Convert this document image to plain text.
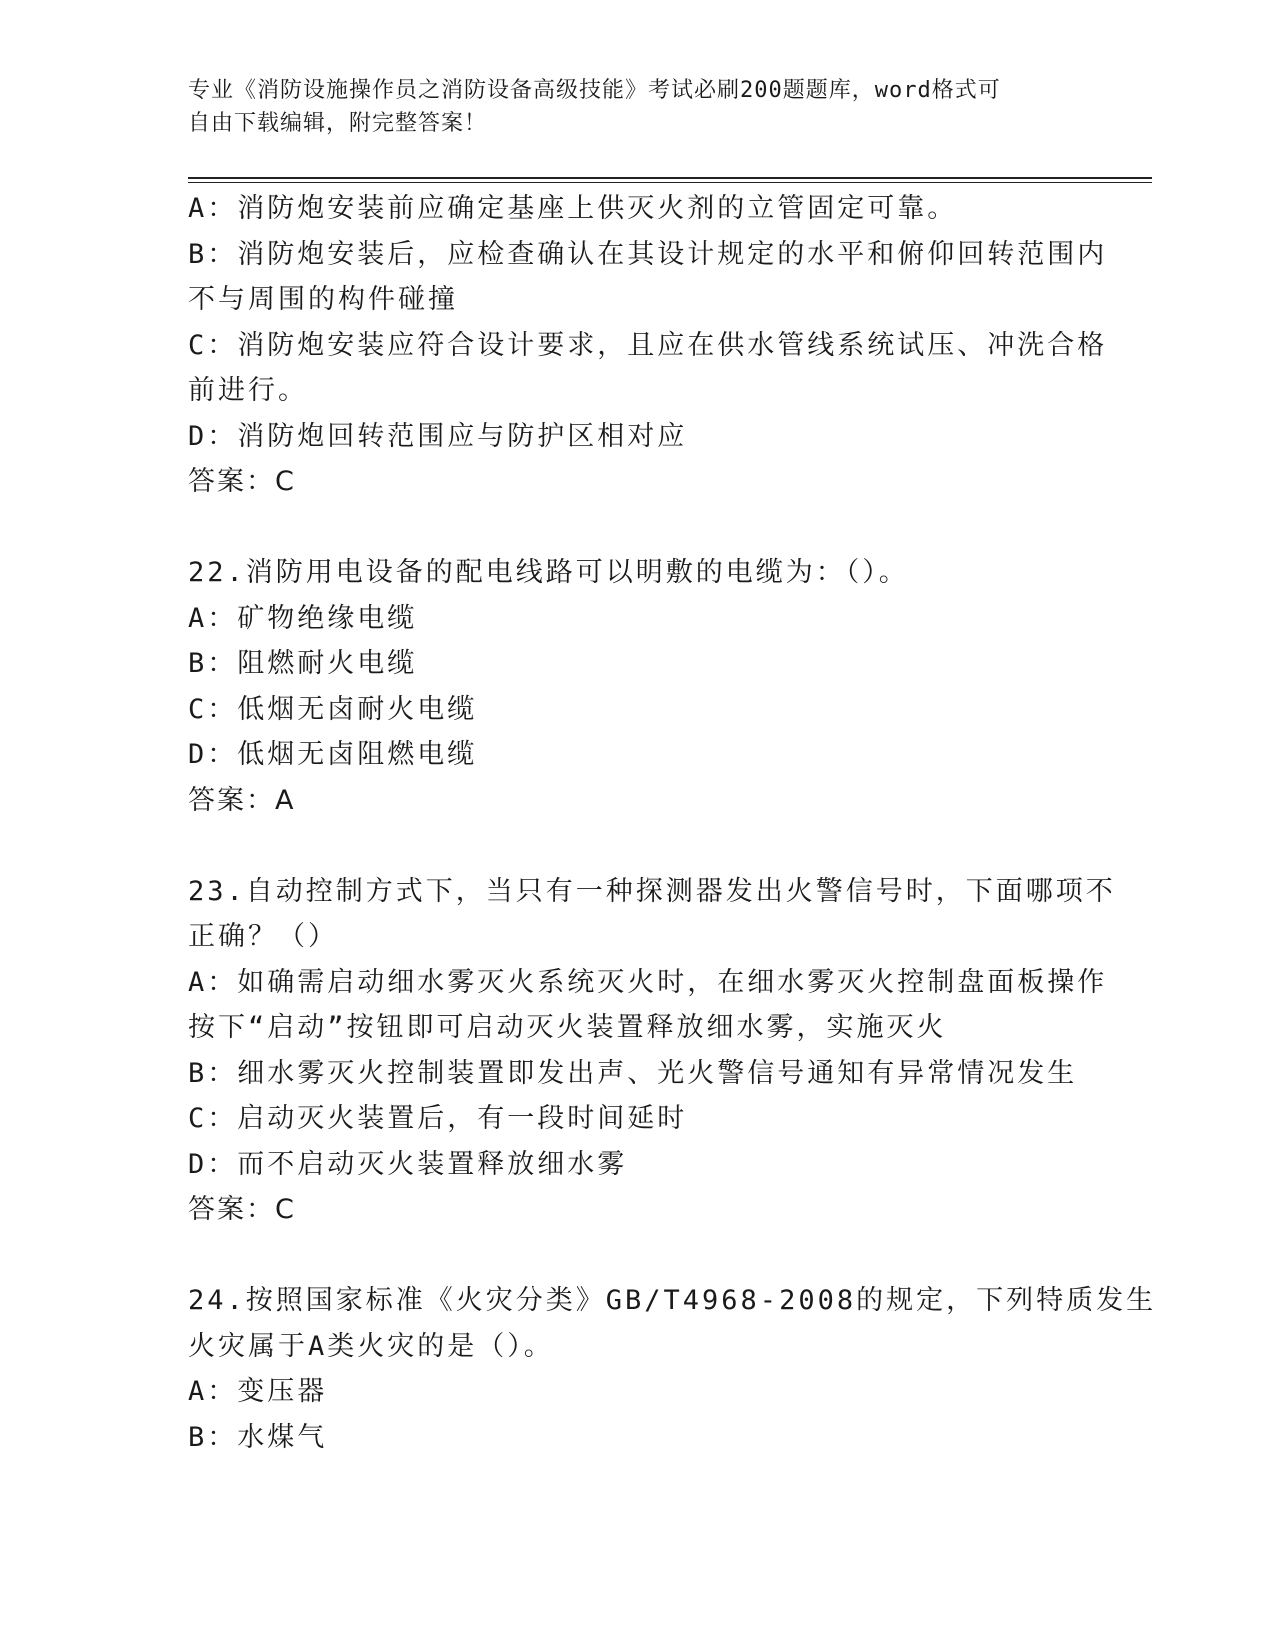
专业《消防设施操作员之消防设备高级技能》考试必刷200题题库，word格式可
自由下载编辑，附完整答案！
A：消防炮安装前应确定基座上供灭火剂的立管固定可靠。
B：消防炮安装后，应检查确认在其设计规定的水平和俯仰回转范围内
不与周围的构件碰撞
C：消防炮安装应符合设计要求，且应在供水管线系统试压、冲洗合格
前进行。
D：消防炮回转范围应与防护区相对应
答案：C
22.消防用电设备的配电线路可以明敷的电缆为：（）。
A：矿物绝缘电缆
B：阻燃耐火电缆
C：低烟无卤耐火电缆
D：低烟无卤阻燃电缆
答案：A
23.自动控制方式下，当只有一种探测器发出火警信号时，下面哪项不
正确？（）
A：如确需启动细水雾灭火系统灭火时，在细水雾灭火控制盘面板操作
按下“启动”按钮即可启动灭火装置释放细水雾，实施灭火
B：细水雾灭火控制装置即发出声、光火警信号通知有异常情况发生
C：启动灭火装置后，有一段时间延时
D：而不启动灭火装置释放细水雾
答案：C
24.按照国家标准《火灾分类》GB/T4968-2008的规定，下列特质发生
火灾属于A类火灾的是（）。
A：变压器
B：水煤气
